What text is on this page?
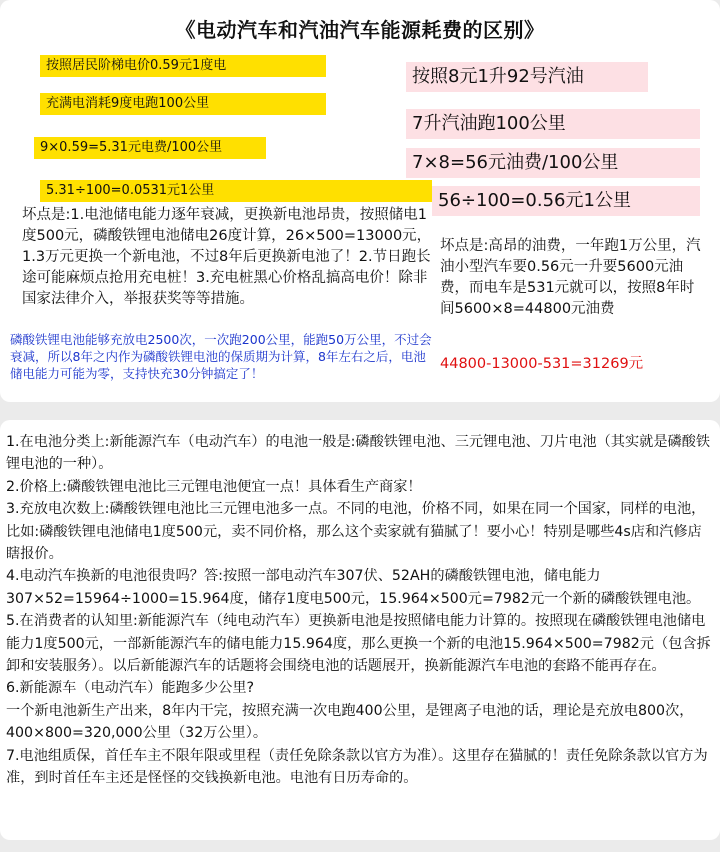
《电动汽车和汽油汽车能源耗费的区别》
按照居民阶梯电价0.59元1度电
充满电消耗9度电跑100公里
9×0.59=5.31元电费/100公里
5.31÷100=0.0531元1公里
按照8元1升92号汽油
7升汽油跑100公里
7×8=56元油费/100公里
56÷100=0.56元1公里

坏点是:1.电池储电能力逐年衰减，更换新电池昂贵，按照储电1度500元，磷酸铁锂电池储电26度计算，26×500=13000元，1.3万元更换一个新电池，不过8年后更换新电池了！2.节日跑长途可能麻烦点抢用充电桩！3.充电桩黑心价格乱搞高电价！除非国家法律介入，举报获奖等等措施。

磷酸铁锂电池能够充放电2500次，一次跑200公里，能跑50万公里，不过会衰减，所以8年之内作为磷酸铁锂电池的保质期为计算，8年左右之后，电池储电能力可能为零，支持快充30分钟搞定了！

坏点是:高昂的油费，一年跑1万公里，汽油小型汽车要0.56元一升要5600元油费，而电车是531元就可以，按照8年时间5600×8=44800元油费

44800-13000-531=31269元

1.在电池分类上:新能源汽车（电动汽车）的电池一般是:磷酸铁锂电池、三元锂电池、刀片电池（其实就是磷酸铁锂电池的一种）。
2.价格上:磷酸铁锂电池比三元锂电池便宜一点！具体看生产商家！
3.充放电次数上:磷酸铁锂电池比三元锂电池多一点。不同的电池，价格不同，如果在同一个国家，同样的电池，比如:磷酸铁锂电池储电1度500元，卖不同价格，那么这个卖家就有猫腻了！要小心！特别是哪些4s店和汽修店瞎报价。
4.电动汽车换新的电池很贵吗？答:按照一部电动汽车307伏、52AH的磷酸铁锂电池，储电能力307×52=15964÷1000=15.964度，储存1度电500元，15.964×500元=7982元一个新的磷酸铁锂电池。
5.在消费者的认知里:新能源汽车（纯电动汽车）更换新电池是按照储电能力计算的。按照现在磷酸铁锂电池储电能力1度500元，一部新能源汽车的储电能力15.964度，那么更换一个新的电池15.964×500=7982元（包含拆卸和安装服务）。以后新能源汽车的话题将会围绕电池的话题展开，换新能源汽车电池的套路不能再存在。
6.新能源车（电动汽车）能跑多少公里?
一个新电池新生产出来，8年内干完，按照充满一次电跑400公里，是锂离子电池的话，理论是充放电800次，400×800=320,000公里（32万公里）。
7.电池组质保，首任车主不限年限或里程（责任免除条款以官方为准）。这里存在猫腻的！责任免除条款以官方为准，到时首任车主还是怪怪的交钱换新电池。电池有日历寿命的。
